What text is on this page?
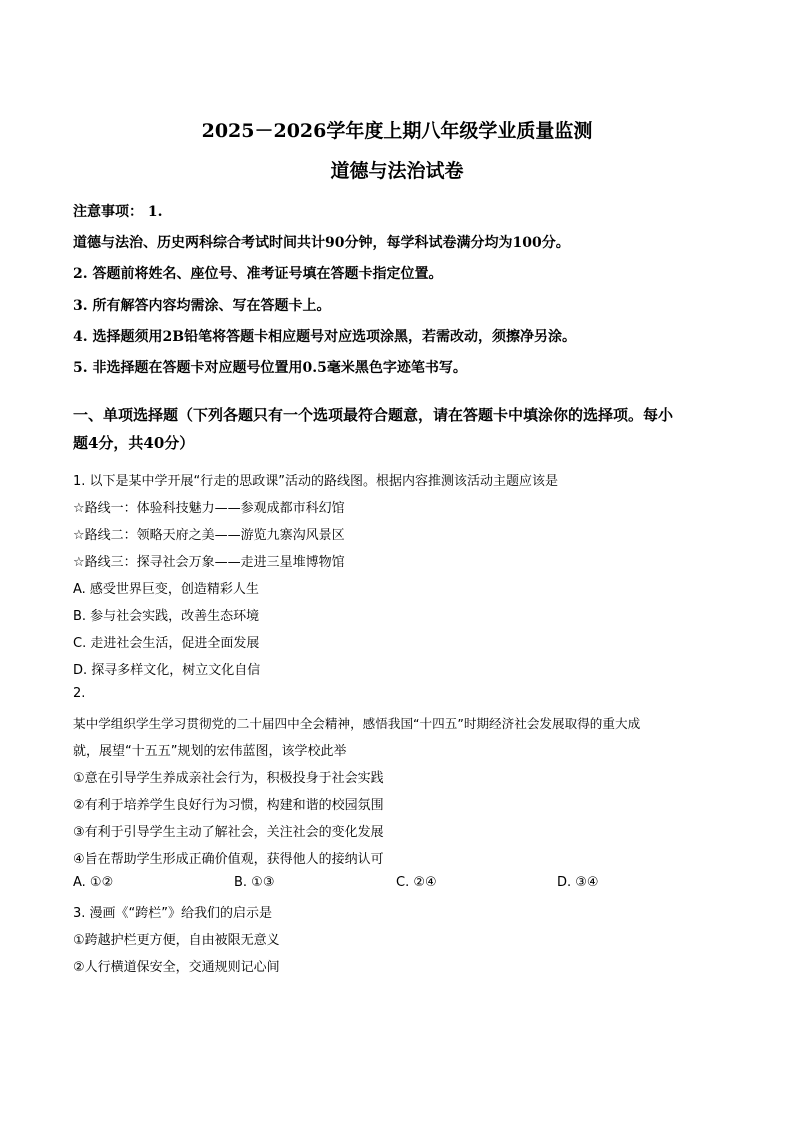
2025－2026学年度上期八年级学业质量监测
道德与法治试卷
注意事项： 1.
道德与法治、历史两科综合考试时间共计90分钟，每学科试卷满分均为100分。
2. 答题前将姓名、座位号、准考证号填在答题卡指定位置。
3. 所有解答内容均需涂、写在答题卡上。
4. 选择题须用2B铅笔将答题卡相应题号对应选项涂黑，若需改动，须擦净另涂。
5. 非选择题在答题卡对应题号位置用0.5毫米黑色字迹笔书写。
一、单项选择题（下列各题只有一个选项最符合题意，请在答题卡中填涂你的选择项。每小
题4分，共40分）
1. 以下是某中学开展“行走的思政课”活动的路线图。根据内容推测该活动主题应该是
☆路线一：体验科技魅力——参观成都市科幻馆
☆路线二：领略天府之美——游览九寨沟风景区
☆路线三：探寻社会万象——走进三星堆博物馆
A. 感受世界巨变，创造精彩人生
B. 参与社会实践，改善生态环境
C. 走进社会生活，促进全面发展
D. 探寻多样文化，树立文化自信
2.
某中学组织学生学习贯彻党的二十届四中全会精神，感悟我国“十四五”时期经济社会发展取得的重大成
就，展望“十五五”规划的宏伟蓝图，该学校此举
①意在引导学生养成亲社会行为，积极投身于社会实践
②有利于培养学生良好行为习惯，构建和谐的校园氛围
③有利于引导学生主动了解社会，关注社会的变化发展
④旨在帮助学生形成正确价值观，获得他人的接纳认可
A. ①②	B. ①③	C. ②④	D. ③④
3. 漫画《“跨栏”》给我们的启示是
①跨越护栏更方便，自由被限无意义
②人行横道保安全，交通规则记心间
